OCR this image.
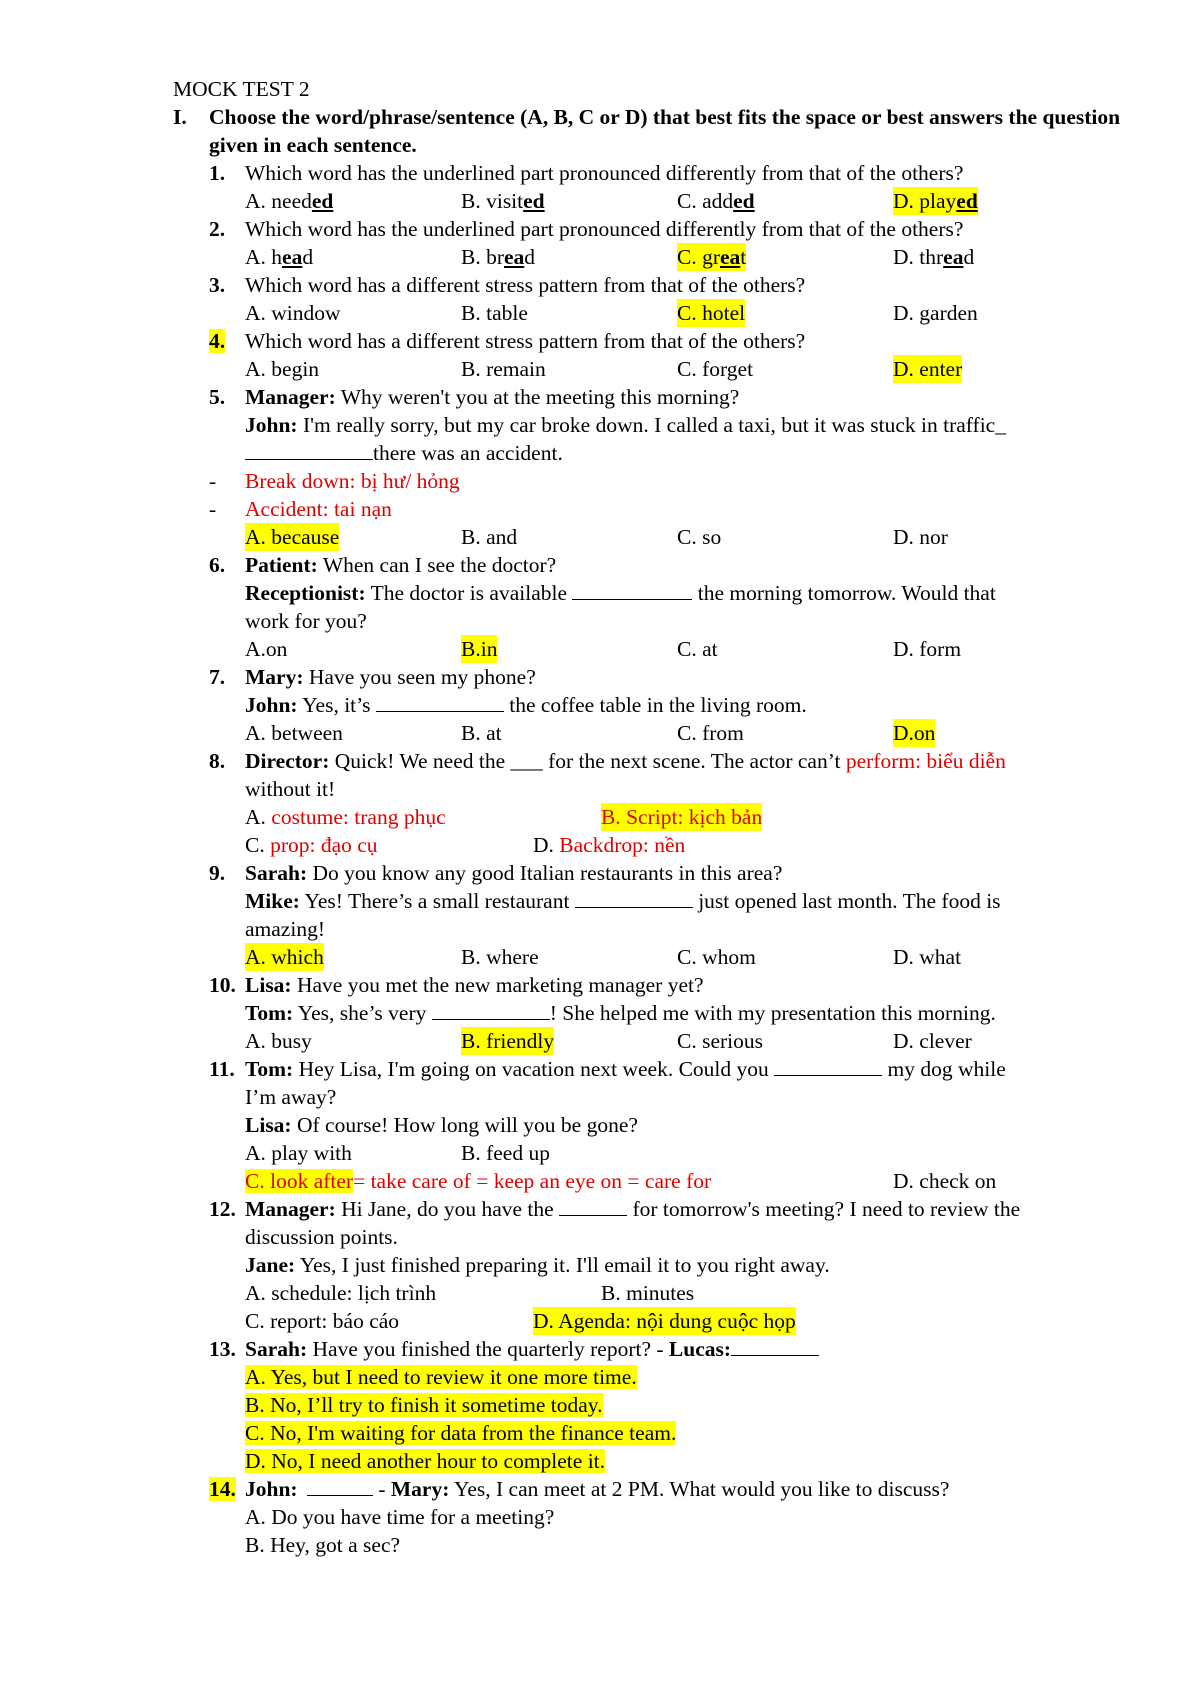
MOCK TEST 2
I.	Choose the word/phrase/sentence (A, B, C or D) that best fits the space or best answers the question given in each sentence.
1. Which word has the underlined part pronounced differently from that of the others?
A. needed	B. visited	C. added	D. played
2. Which word has the underlined part pronounced differently from that of the others?
A. head	B. bread	C. great	D. thread
3. Which word has a different stress pattern from that of the others?
A. window	B. table	C. hotel	D. garden
4. Which word has a different stress pattern from that of the others?
A. begin	B. remain	C. forget	D. enter
5. Manager: Why weren't you at the meeting this morning?
John: I'm really sorry, but my car broke down. I called a taxi, but it was stuck in traffic_
there was an accident.
-	Break down: bị hư/ hỏng
-	Accident: tai nạn
A. because	B. and	C. so	D. nor
6. Patient: When can I see the doctor?
Receptionist: The doctor is available	the morning tomorrow. Would that
work for you?
A.on	B.in	C. at	D. form
7. Mary: Have you seen my phone?
John: Yes, it’s	the coffee table in the living room.
A. between	B. at	C. from	D.on
8. Director: Quick! We need the ___ for the next scene. The actor can’t perform: biểu diễn
without it!
A. costume: trang phục	B. Script: kịch bản
C. prop: đạo cụ	D. Backdrop: nền
9. Sarah: Do you know any good Italian restaurants in this area?
Mike: Yes! There’s a small restaurant	just opened last month. The food is
amazing!
A. which	B. where	C. whom	D. what
10. Lisa: Have you met the new marketing manager yet?
Tom: Yes, she’s very	! She helped me with my presentation this morning.
A. busy	B. friendly	C. serious	D. clever
11. Tom: Hey Lisa, I'm going on vacation next week. Could you	my dog while
I’m away?
Lisa: Of course! How long will you be gone?
A. play with	B. feed up
C. look after= take care of = keep an eye on = care for	D. check on
12. Manager: Hi Jane, do you have the	for tomorrow's meeting? I need to review the
discussion points.
Jane: Yes, I just finished preparing it. I'll email it to you right away.
A. schedule: lịch trình	B. minutes
C. report: báo cáo	D. Agenda: nội dung cuộc họp
13. Sarah: Have you finished the quarterly report? - Lucas:
A. Yes, but I need to review it one more time.
B. No, I’ll try to finish it sometime today.
C. No, I'm waiting for data from the finance team.
D. No, I need another hour to complete it.
14. John:	- Mary: Yes, I can meet at 2 PM. What would you like to discuss?
A. Do you have time for a meeting?
B. Hey, got a sec?
